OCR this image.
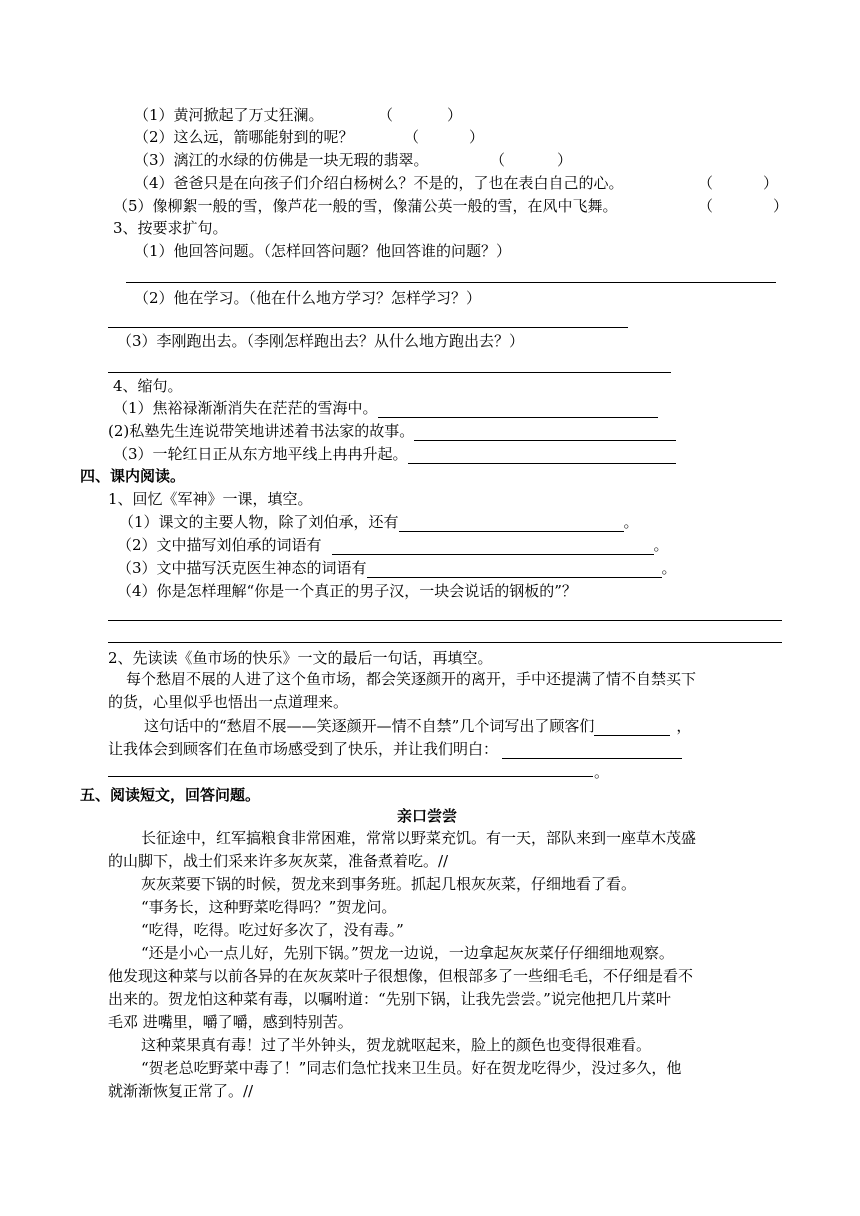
（1）黄河掀起了万丈狂澜。	（	）
（2）这么远，箭哪能射到的呢？	（	）
（3）漓江的水绿的仿佛是一块无瑕的翡翠。	（	）
（4）爸爸只是在向孩子们介绍白杨树么？不是的，了也在表白自己的心。	（	）
（5）像柳絮一般的雪，像芦花一般的雪，像蒲公英一般的雪，在风中飞舞。	（	）
3、按要求扩句。
（1）他回答问题。（怎样回答问题？他回答谁的问题？）
（2）他在学习。（他在什么地方学习？怎样学习？）
（3）李刚跑出去。（李刚怎样跑出去？从什么地方跑出去？）
4、缩句。
（1）焦裕禄渐渐消失在茫茫的雪海中。
(2)私塾先生连说带笑地讲述着书法家的故事。
（3）一轮红日正从东方地平线上冉冉升起。
四、课内阅读。
1、回忆《军神》一课，填空。
（1）课文的主要人物，除了刘伯承，还有	。
（2）文中描写刘伯承的词语有	。
（3）文中描写沃克医生神态的词语有	。
（4）你是怎样理解“你是一个真正的男子汉，一块会说话的钢板的”？
2、先读读《鱼市场的快乐》一文的最后一句话，再填空。
每个愁眉不展的人进了这个鱼市场，都会笑逐颜开的离开，手中还提满了情不自禁买下
的货，心里似乎也悟出一点道理来。
这句话中的“愁眉不展——笑逐颜开—情不自禁”几个词写出了顾客们	，
让我体会到顾客们在鱼市场感受到了快乐，并让我们明白：
。
五、阅读短文，回答问题。
亲口尝尝
长征途中，红军搞粮食非常困难，常常以野菜充饥。有一天，部队来到一座草木茂盛
的山脚下，战士们采来许多灰灰菜，准备煮着吃。//
灰灰菜要下锅的时候，贺龙来到事务班。抓起几根灰灰菜，仔细地看了看。
“事务长，这种野菜吃得吗？”贺龙问。
“吃得，吃得。吃过好多次了，没有毒。”
“还是小心一点儿好，先别下锅。”贺龙一边说，一边拿起灰灰菜仔仔细细地观察。
他发现这种菜与以前各异的在灰灰菜叶子很想像，但根部多了一些细毛毛，不仔细是看不
出来的。贺龙怕这种菜有毒，以嘱咐道：“先别下锅，让我先尝尝。”说完他把几片菜叶
毛邓 进嘴里，嚼了嚼，感到特别苦。
这种菜果真有毒！过了半外钟头，贺龙就呕起来，脸上的颜色也变得很难看。
“贺老总吃野菜中毒了！”同志们急忙找来卫生员。好在贺龙吃得少，没过多久，他
就渐渐恢复正常了。//
